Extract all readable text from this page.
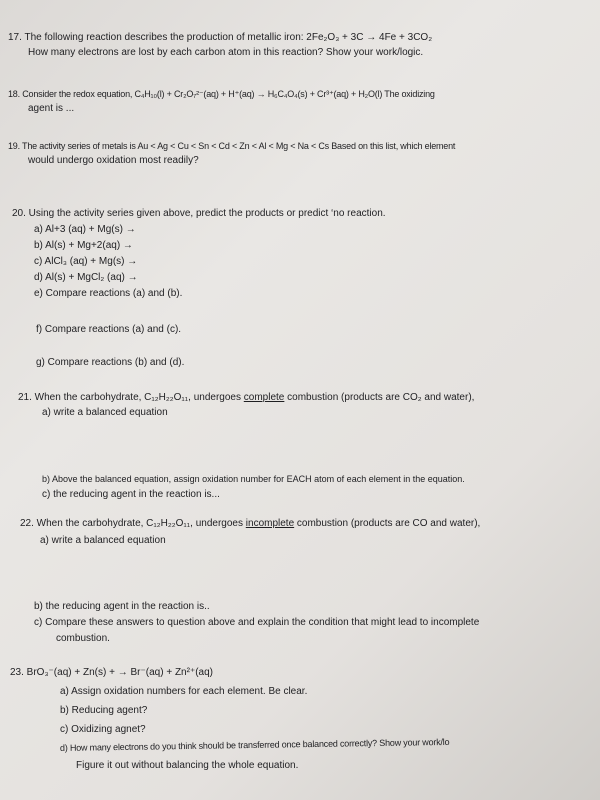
17. The following reaction describes the production of metallic iron: 2Fe₂O₃ + 3C → 4Fe + 3CO₂
How many electrons are lost by each carbon atom in this reaction? Show your work/logic.
18. Consider the redox equation, C₄H₁₀(l) + Cr₂O₇²⁻(aq) + H⁺(aq) → H₆C₄O₄(s) + Cr³⁺(aq) + H₂O(l) The oxidizing
agent is ...
19. The activity series of metals is Au < Ag < Cu < Sn < Cd < Zn < Al < Mg < Na < Cs Based on this list, which element
would undergo oxidation most readily?
20. Using the activity series given above, predict the products or predict ‘no reaction.
a) Al+3 (aq) + Mg(s) →
b) Al(s) + Mg+2(aq) →
c) AlCl₃ (aq) + Mg(s) →
d) Al(s) + MgCl₂ (aq) →
e) Compare reactions (a) and (b).
f) Compare reactions (a) and (c).
g) Compare reactions (b) and (d).
21. When the carbohydrate, C₁₂H₂₂O₁₁, undergoes complete combustion (products are CO₂ and water),
a) write a balanced equation
b) Above the balanced equation, assign oxidation number for EACH atom of each element in the equation.
c) the reducing agent in the reaction is...
22. When the carbohydrate, C₁₂H₂₂O₁₁, undergoes incomplete combustion (products are CO and water),
a) write a balanced equation
b) the reducing agent in the reaction is..
c) Compare these answers to question above and explain the condition that might lead to incomplete
combustion.
23. BrO₃⁻(aq) + Zn(s) + → Br⁻(aq) + Zn²⁺(aq)
a) Assign oxidation numbers for each element. Be clear.
b) Reducing agent?
c) Oxidizing agnet?
d) How many electrons do you think should be transferred once balanced correctly? Show your work/lo
Figure it out without balancing the whole equation.
